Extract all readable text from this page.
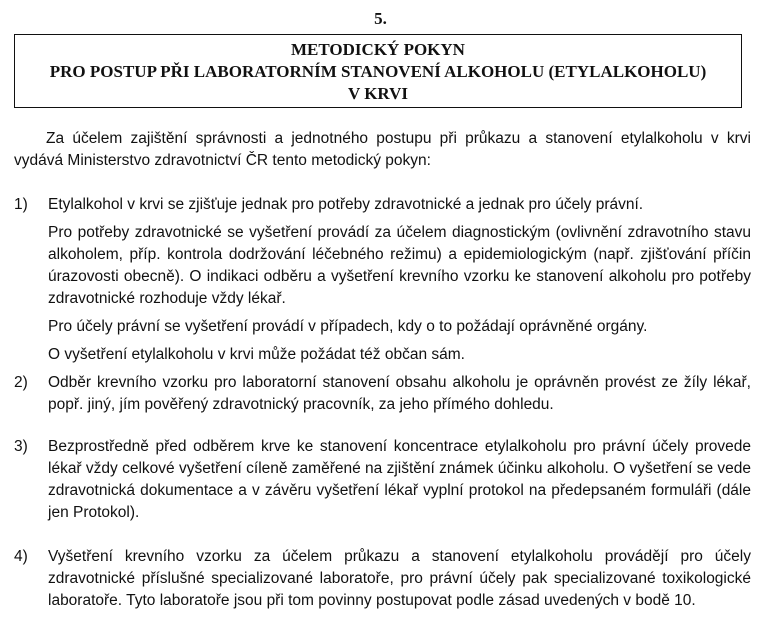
5.
METODICKÝ POKYN
PRO POSTUP PŘI LABORATORNÍM STANOVENÍ ALKOHOLU (ETYLALKOHOLU)
V KRVI
Za účelem zajištění správnosti a jednotného postupu při průkazu a stanovení etylalkoholu v krvi vydává Ministerstvo zdravotnictví ČR tento metodický pokyn:
1)	Etylalkohol v krvi se zjišťuje jednak pro potřeby zdravotnické a jednak pro účely právní.

Pro potřeby zdravotnické se vyšetření provádí za účelem diagnostickým (ovlivnění zdravotního stavu alkoholem, příp. kontrola dodržování léčebného režimu) a epidemiologickým (např. zjišťování příčin úrazovosti obecně). O indikaci odběru a vyšetření krevního vzorku ke stanovení alkoholu pro potřeby zdravotnické rozhoduje vždy lékař.

Pro účely právní se vyšetření provádí v případech, kdy o to požádají oprávněné orgány.

O vyšetření etylalkoholu v krvi může požádat též občan sám.

2)	Odběr krevního vzorku pro laboratorní stanovení obsahu alkoholu je oprávněn provést ze žíly lékař, popř. jiný, jím pověřený zdravotnický pracovník, za jeho přímého dohledu.

3)	Bezprostředně před odběrem krve ke stanovení koncentrace etylalkoholu pro právní účely provede lékař vždy celkové vyšetření cíleně zaměřené na zjištění známek účinku alkoholu. O vyšetření se vede zdravotnická dokumentace a v závěru vyšetření lékař vyplní protokol na předepsaném formuláři (dále jen Protokol).

4)	Vyšetření krevního vzorku za účelem průkazu a stanovení etylalkoholu provádějí pro účely zdravotnické příslušné specializované laboratoře, pro právní účely pak specializované toxikologické laboratoře. Tyto laboratoře jsou při tom povinny postupovat podle zásad uvedených v bodě 10.
